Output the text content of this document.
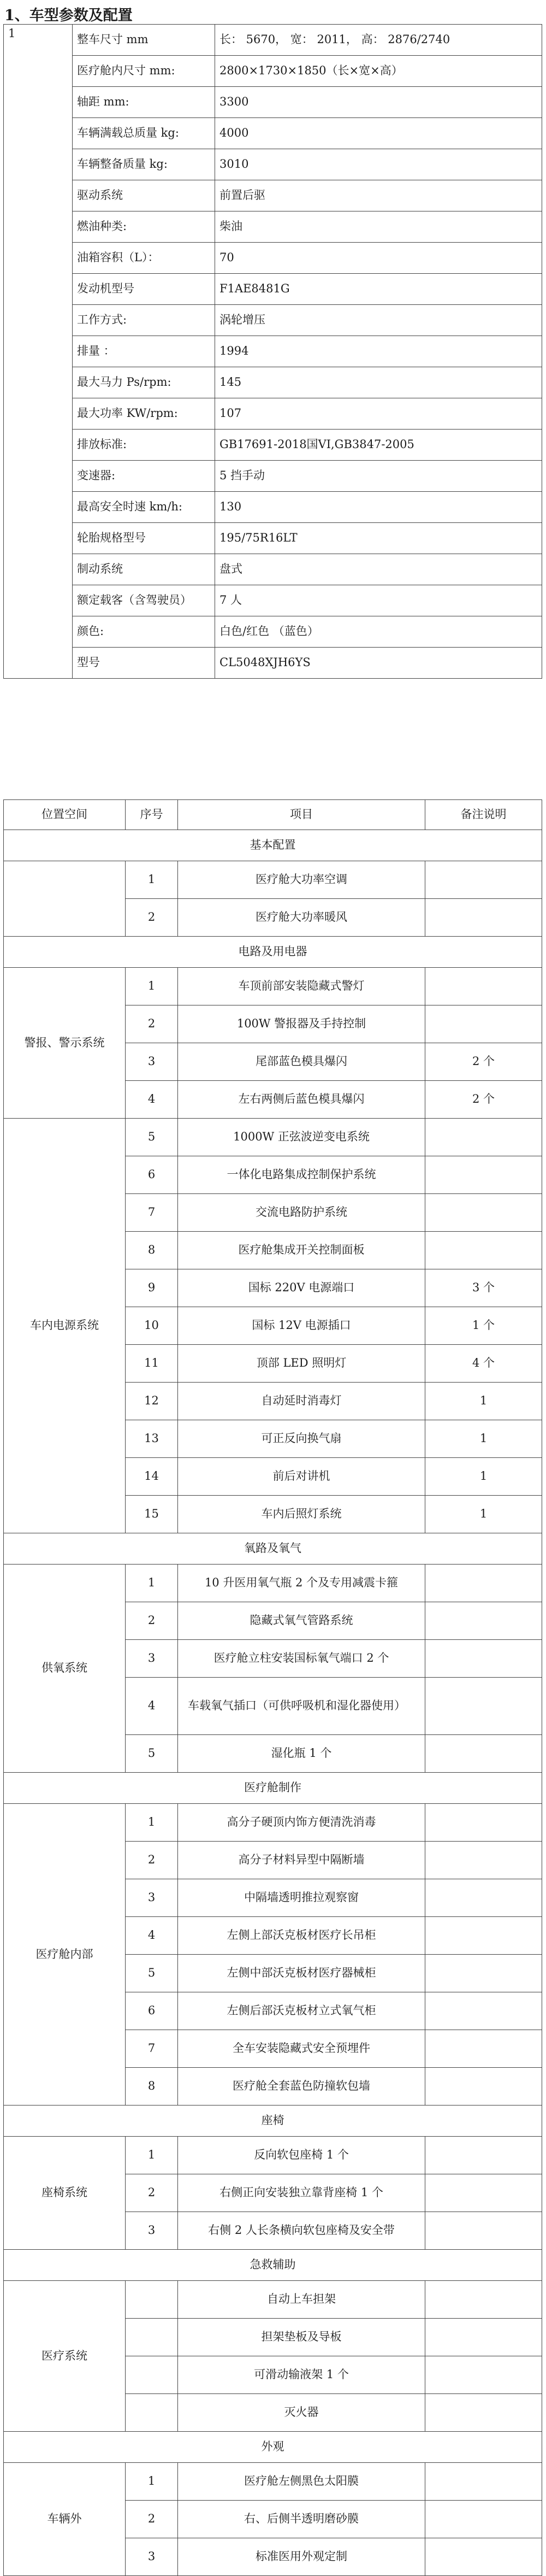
1、车型参数及配置
1	整车尺寸 mm	长： 5670， 宽： 2011， 高： 2876/2740
	医疗舱内尺寸 mm:	2800×1730×1850（长×宽×高）
	轴距 mm:	3300
	车辆满载总质量 kg:	4000
	车辆整备质量 kg:	3010
	驱动系统	前置后驱
	燃油种类:	柴油
	油箱容积（L）：	70
	发动机型号	F1AE8481G
	工作方式:	涡轮增压
	排量 ：	1994
	最大马力 Ps/rpm:	145
	最大功率 KW/rpm:	107
	排放标准:	GB17691-2018国VI,GB3847-2005
	变速器:	5 挡手动
	最高安全时速 km/h:	130
	轮胎规格型号	195/75R16LT
	制动系统	盘式
	额定载客（含驾驶员）	7 人
	颜色:	白色/红色 （蓝色）
	型号	CL5048XJH6YS
位置空间	序号	项目	备注说明
基本配置			
	1	医疗舱大功率空调	
	2	医疗舱大功率暖风	
电路及用电器			
警报、警示系统	1	车顶前部安装隐藏式警灯	
	2	100W 警报器及手持控制	
	3	尾部蓝色模具爆闪	2 个
	4	左右两侧后蓝色模具爆闪	2 个
车内电源系统	5	1000W 正弦波逆变电系统	
	6	一体化电路集成控制保护系统	
	7	交流电路防护系统	
	8	医疗舱集成开关控制面板	
	9	国标 220V 电源端口	3 个
	10	国标 12V 电源插口	1 个
	11	顶部 LED 照明灯	4 个
	12	自动延时消毒灯	1
	13	可正反向换气扇	1
	14	前后对讲机	1
	15	车内后照灯系统	1
氧路及氧气			
供氧系统	1	10 升医用氧气瓶 2 个及专用减震卡箍	
	2	隐藏式氧气管路系统	
	3	医疗舱立柱安装国标氧气端口 2 个	
	4	车载氧气插口（可供呼吸机和湿化器使用）	
	5	湿化瓶 1 个	
医疗舱制作			
医疗舱内部	1	高分子硬顶内饰方便清洗消毒	
	2	高分子材料异型中隔断墙	
	3	中隔墙透明推拉观察窗	
	4	左侧上部沃克板材医疗长吊柜	
	5	左侧中部沃克板材医疗器械柜	
	6	左侧后部沃克板材立式氧气柜	
	7	全车安装隐藏式安全预埋件	
	8	医疗舱全套蓝色防撞软包墙	
座椅			
座椅系统	1	反向软包座椅 1 个	
	2	右侧正向安装独立靠背座椅 1 个	
	3	右侧 2 人长条横向软包座椅及安全带	
急救辅助			
医疗系统		自动上车担架	
		担架垫板及导板	
		可滑动输液架 1 个	
		灭火器	
外观			
车辆外	1	医疗舱左侧黑色太阳膜	
	2	右、后侧半透明磨砂膜	
	3	标准医用外观定制	
